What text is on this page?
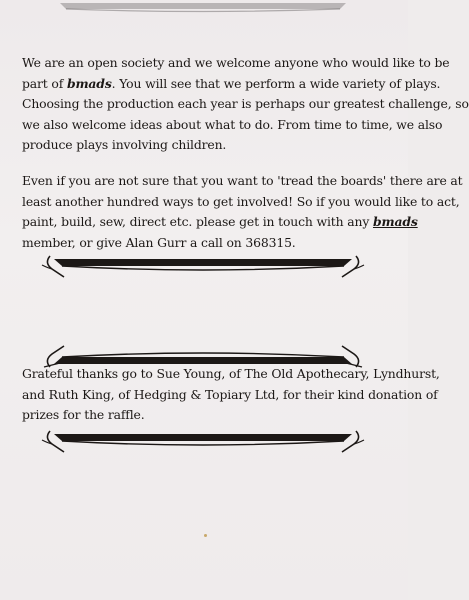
We are an open society and we welcome anyone who would like to be
part of bmads. You will see that we perform a wide variety of plays.
Choosing the production each year is perhaps our greatest challenge, so
we also welcome ideas about what to do. From time to time, we also
produce plays involving children.
Even if you are not sure that you want to 'tread the boards' there are at
least another hundred ways to get involved! So if you would like to act,
paint, build, sew, direct etc. please get in touch with any bmads
member, or give Alan Gurr a call on 368315.
Grateful thanks go to Sue Young, of The Old Apothecary, Lyndhurst,
and Ruth King, of Hedging & Topiary Ltd, for their kind donation of
prizes for the raffle.
